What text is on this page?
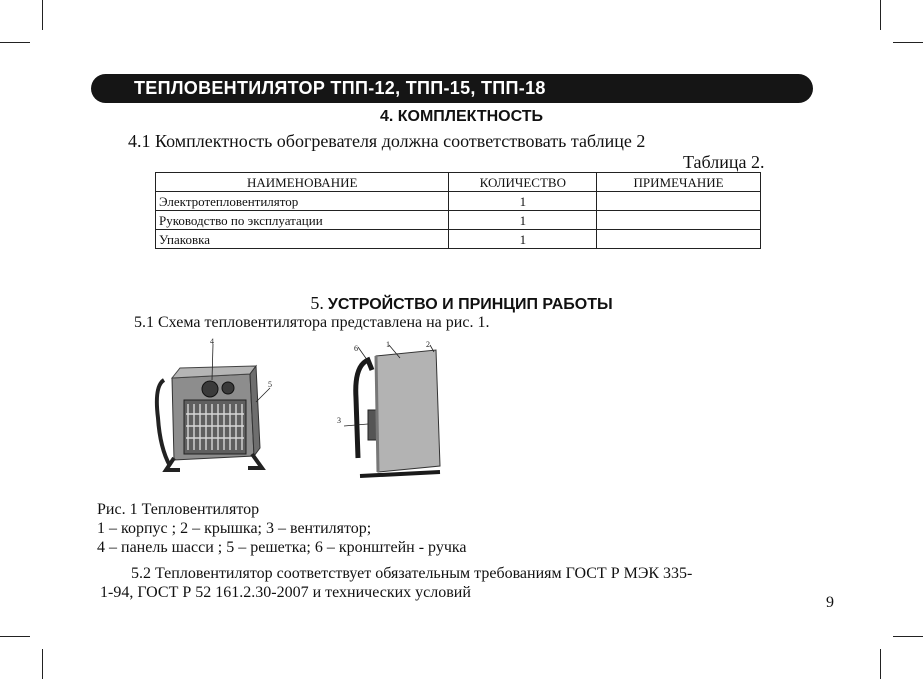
ТЕПЛОВЕНТИЛЯТОР ТПП-12, ТПП-15, ТПП-18
4. КОМПЛЕКТНОСТЬ
4.1 Комплектность обогревателя должна соответствовать таблице 2
Таблица 2.
НАИМЕНОВАНИЕ	КОЛИЧЕСТВО	ПРИМЕЧАНИЕ
Электротепловентилятор	1	
Руководство по эксплуатации	1	
Упаковка	1	
5. УСТРОЙСТВО И ПРИНЦИП РАБОТЫ
5.1 Схема тепловентилятора представлена на рис. 1.
4
5
6	1	2
3
Рис. 1 Тепловентилятор
1 – корпус ; 2 – крышка; 3 – вентилятор;
4 – панель шасси ; 5 – решетка; 6 – кронштейн - ручка
5.2 Тепловентилятор соответствует обязательным требованиям ГОСТ Р МЭК 335-
1-94, ГОСТ Р 52 161.2.30-2007 и технических условий
9
